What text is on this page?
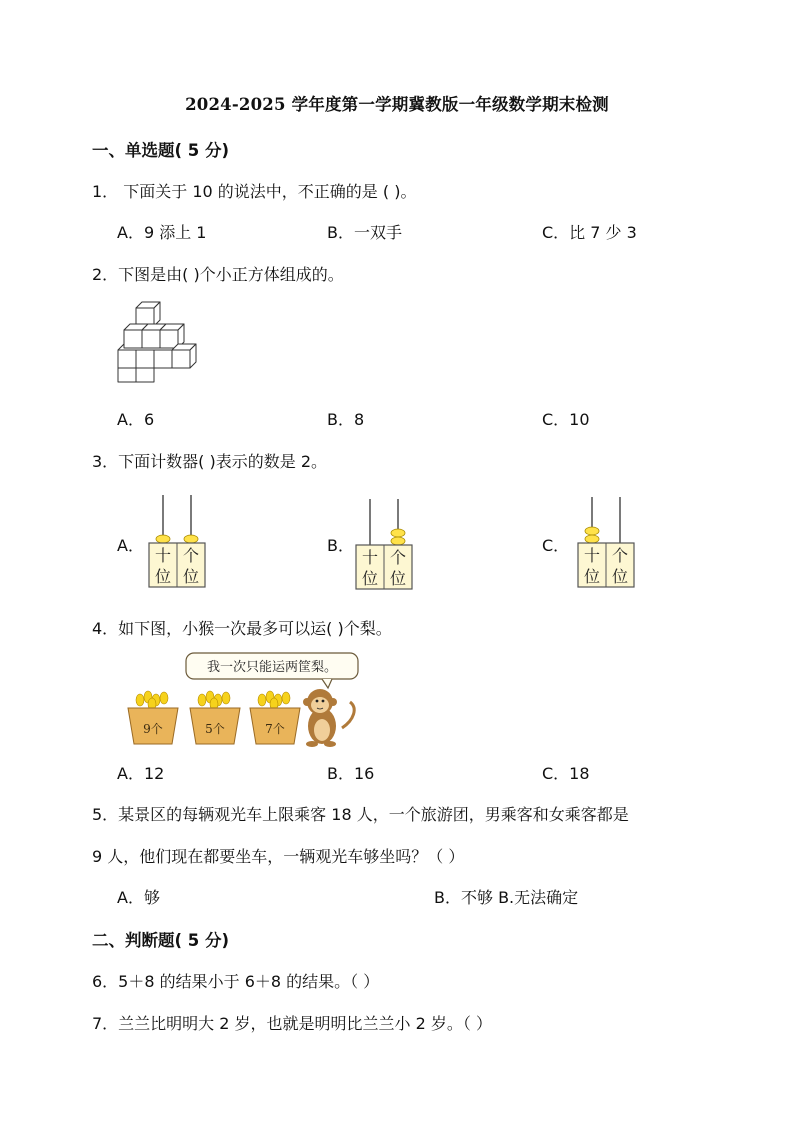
2024-2025 学年度第一学期冀教版一年级数学期末检测
一、单选题( 5 分)
1． 下面关于 10 的说法中，不正确的是 ( )。
A．9 添上 1	B．一双手	C．比 7 少 3
2．下图是由( )个小正方体组成的。
A．6	B．8	C．10
3．下面计数器( )表示的数是 2。
A．	B．	C．
十
位
个
位
十
位
个
位
十
位
个
位
4．如下图，小猴一次最多可以运( )个梨。
我一次只能运两筐梨。
9个	5个	7个
A．12	B．16	C．18
5．某景区的每辆观光车上限乘客 18 人，一个旅游团，男乘客和女乘客都是
9 人，他们现在都要坐车，一辆观光车够坐吗？（ ）
A．够	B．不够 B.无法确定
二、判断题( 5 分)
6．5＋8 的结果小于 6＋8 的结果。（ ）
7．兰兰比明明大 2 岁，也就是明明比兰兰小 2 岁。（ ）
